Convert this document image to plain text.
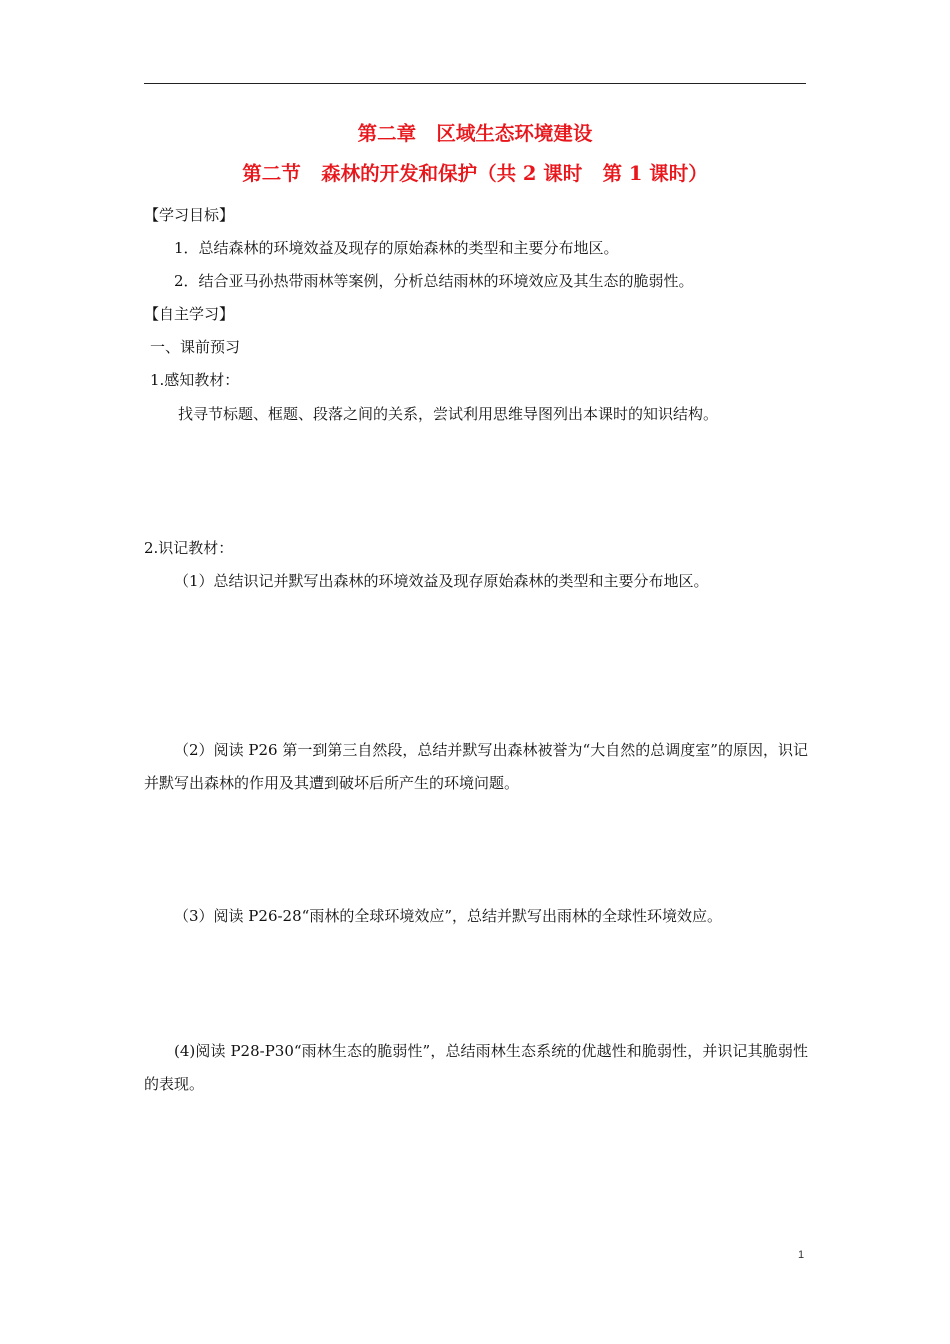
第二章   区域生态环境建设
第二节   森林的开发和保护（共 2 课时   第 1 课时）
【学习目标】
1．总结森林的环境效益及现存的原始森林的类型和主要分布地区。
2．结合亚马孙热带雨林等案例，分析总结雨林的环境效应及其生态的脆弱性。
【自主学习】
一、课前预习
1.感知教材：
找寻节标题、框题、段落之间的关系，尝试利用思维导图列出本课时的知识结构。
2.识记教材：
（1）总结识记并默写出森林的环境效益及现存原始森林的类型和主要分布地区。
（2）阅读 P26 第一到第三自然段，总结并默写出森林被誉为“大自然的总调度室”的原因，识记并默写出森林的作用及其遭到破坏后所产生的环境问题。
（3）阅读 P26-28“雨林的全球环境效应”，总结并默写出雨林的全球性环境效应。
(4)阅读 P28-P30“雨林生态的脆弱性”，总结雨林生态系统的优越性和脆弱性，并识记其脆弱性的表现。
1
